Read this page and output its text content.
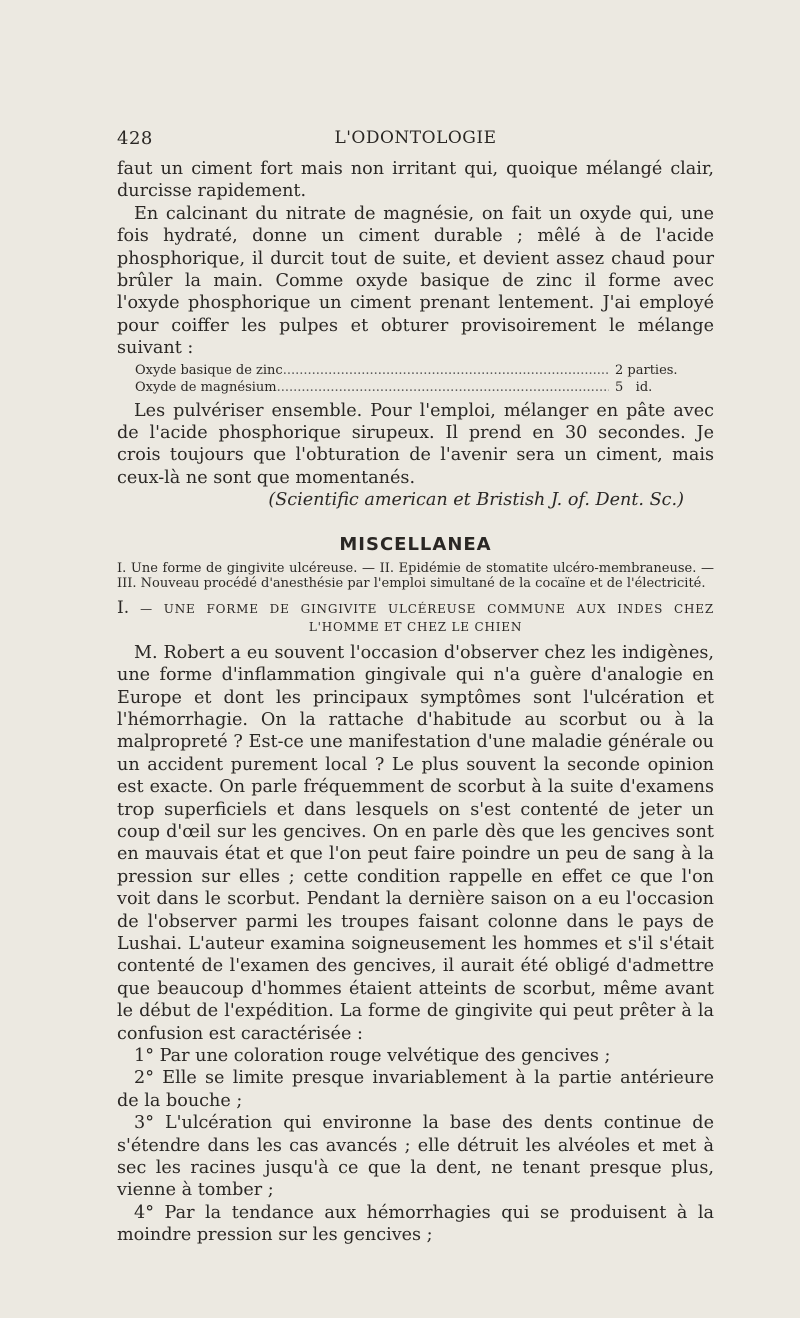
428	L'ODONTOLOGIE

faut un ciment fort mais non irritant qui, quoique mélangé clair, durcisse rapidement.

En calcinant du nitrate de magnésie, on fait un oxyde qui, une fois hydraté, donne un ciment durable ; mêlé à de l'acide phosphorique, il durcit tout de suite, et devient assez chaud pour brûler la main. Comme oxyde basique de zinc il forme avec l'oxyde phosphorique un ciment prenant lentement. J'ai employé pour coiffer les pulpes et obturer provisoirement le mélange suivant :

Oxyde basique de zinc .....	2 parties.
Oxyde de magnésium .....	5   id.

Les pulvériser ensemble. Pour l'emploi, mélanger en pâte avec de l'acide phosphorique sirupeux. Il prend en 30 secondes. Je crois toujours que l'obturation de l'avenir sera un ciment, mais ceux-là ne sont que momentanés.

(Scientific american et Bristish J. of. Dent. Sc.)
MISCELLANEA
I. Une forme de gingivite ulcéreuse. — II. Epidémie de stomatite ulcéro-membraneuse. — III. Nouveau procédé d'anesthésie par l'emploi simultané de la cocaïne et de l'électricité.
I. — UNE FORME DE GINGIVITE ULCÉREUSE COMMUNE AUX INDES CHEZ
L'HOMME ET CHEZ LE CHIEN

M. Robert a eu souvent l'occasion d'observer chez les indigènes, une forme d'inflammation gingivale qui n'a guère d'analogie en Europe et dont les principaux symptômes sont l'ulcération et l'hémorrhagie. On la rattache d'habitude au scorbut ou à la malpropreté ? Est-ce une manifestation d'une maladie générale ou un accident purement local ? Le plus souvent la seconde opinion est exacte. On parle fréquemment de scorbut à la suite d'examens trop superficiels et dans lesquels on s'est contenté de jeter un coup d'œil sur les gencives. On en parle dès que les gencives sont en mauvais état et que l'on peut faire poindre un peu de sang à la pression sur elles ; cette condition rappelle en effet ce que l'on voit dans le scorbut. Pendant la dernière saison on a eu l'occasion de l'observer parmi les troupes faisant colonne dans le pays de Lushai. L'auteur examina soigneusement les hommes et s'il s'était contenté de l'examen des gencives, il aurait été obligé d'admettre que beaucoup d'hommes étaient atteints de scorbut, même avant le début de l'expédition. La forme de gingivite qui peut prêter à la confusion est caractérisée :

1° Par une coloration rouge velvétique des gencives ;

2° Elle se limite presque invariablement à la partie antérieure de la bouche ;

3° L'ulcération qui environne la base des dents continue de s'étendre dans les cas avancés ; elle détruit les alvéoles et met à sec les racines jusqu'à ce que la dent, ne tenant presque plus, vienne à tomber ;

4° Par la tendance aux hémorrhagies qui se produisent à la moindre pression sur les gencives ;
